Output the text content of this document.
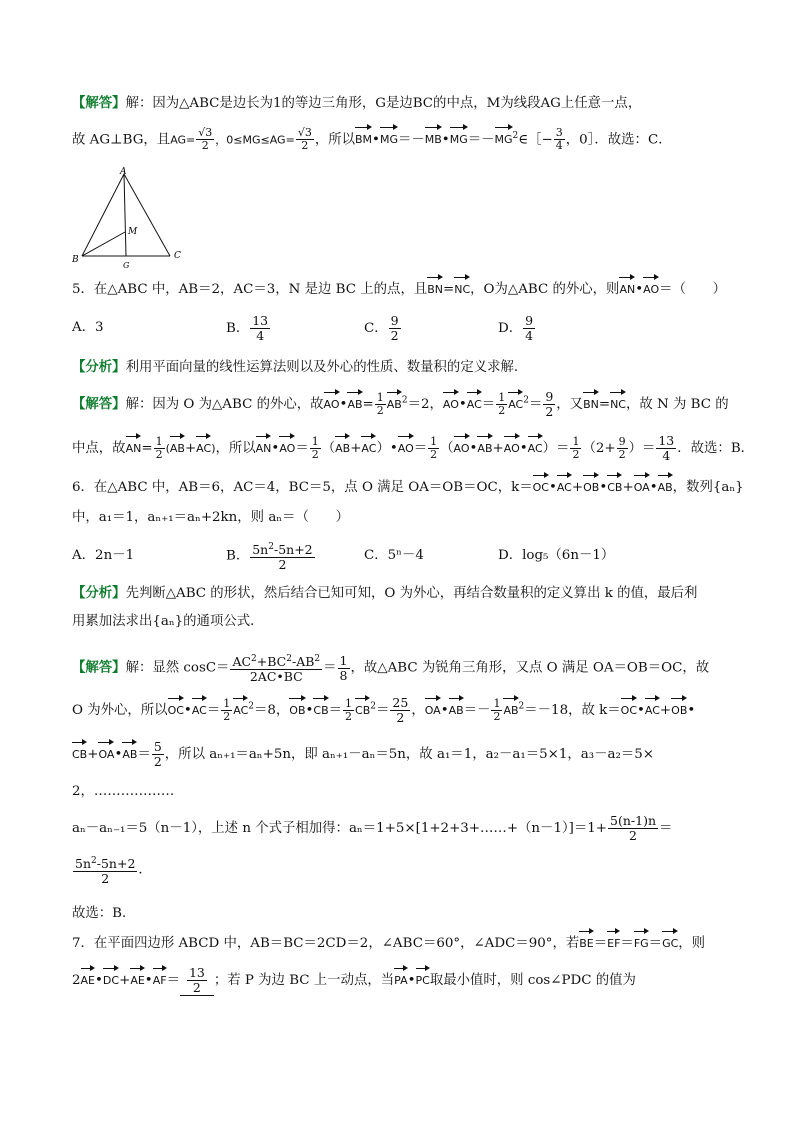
【解答】解：因为△ABC是边长为1的等边三角形，G是边BC的中点，M为线段AG上任意一点，
故 AG⊥BG，且$AG= \frac{√3}{2}$ ，$0\le MG\le AG= \frac{√3}{2}$ ，所以$BM•MG=-MB•MG=-MG^2\in[- \frac{3}{4}$ ，0］．故选：C．
A
B	C
M
G
5．在△ABC 中，AB＝2，AC＝3，N 是边 BC 上的点，且BN=NC，O为△ABC 的外心，则AN•AO＝（　　）
A．3	B． $\frac{13}{4}$	C． $\frac{9}{2}$	D． $\frac{9}{4}$
【分析】利用平面向量的线性运算法则以及外心的性质、数量积的定义求解．
【解答】解：因为 O 为△ABC 的外心，故AO•AB= $\frac{1}{2} AB^2=2$，AO•AC＝ $\frac{1}{2} AC^2= \frac{9}{2}$ ，又BN=NC，故 N 为 BC 的
中点，故$AN= \frac{1}{2} (AB+AC)$，所以AN•AO＝ $\frac{1}{2}$ （AB+AC）•AO＝ $\frac{1}{2}$ （AO•AB+AO•AC）＝ $\frac{1}{2} (2+ \frac{9}{2}$ ）＝ $\frac{13}{4}$ ．故选：B．
6．在△ABC 中，AB＝6，AC＝4，BC＝5，点 O 满足 OA＝OB＝OC，k＝OC•AC+OB•CB+OA•AB，数列{aₙ}
中，a₁＝1，aₙ₊₁＝aₙ+2kn，则 aₙ＝（　　）
A．2n－1	B． $\frac{5n^2-5n+2}{2}$	C．5ⁿ－4	D．log₅（6n－1）
【分析】先判断△ABC 的形状，然后结合已知可知，O 为外心，再结合数量积的定义算出 k 的值，最后利
用累加法求出{aₙ}的通项公式．
【解答】解：显然 $\cos C= \frac{AC^2+BC^2-AB^2}{2AC•BC} = \frac{1}{8}$ ，故△ABC 为锐角三角形，又点 O 满足 OA＝OB＝OC，故
O 为外心，所以OC•AC＝ $\frac{1}{2} AC^2=8$，OB•CB＝ $\frac{1}{2} CB^2= \frac{25}{2}$ ，OA•AB＝－ $\frac{1}{2} AB^2=-18$，故 k＝OC•AC+OB•
CB+OA•AB＝ $\frac{5}{2}$ ，所以 aₙ₊₁＝aₙ+5n，即 aₙ₊₁－aₙ＝5n，故 a₁＝1，a₂－a₁＝5×1，a₃－a₂＝5×
2，………………
aₙ－aₙ₋₁＝5（n－1），上述 n 个式子相加得：aₙ＝1+5×[1+2+3+……+（n－1）]＝1+ $\frac{5(n-1)n}{2}$ ＝
$\frac{5n^2-5n+2}{2}$ ．
故选：B．
7．在平面四边形 ABCD 中，AB＝BC＝2CD＝2，∠ABC＝60°，∠ADC＝90°，若BE＝EF＝FG＝GC，则
2AE•DC+AE•AF＝ $\frac{13}{2}$ ；若 P 为边 BC 上一动点，当PA•PC取最小值时，则 cos∠PDC 的值为
